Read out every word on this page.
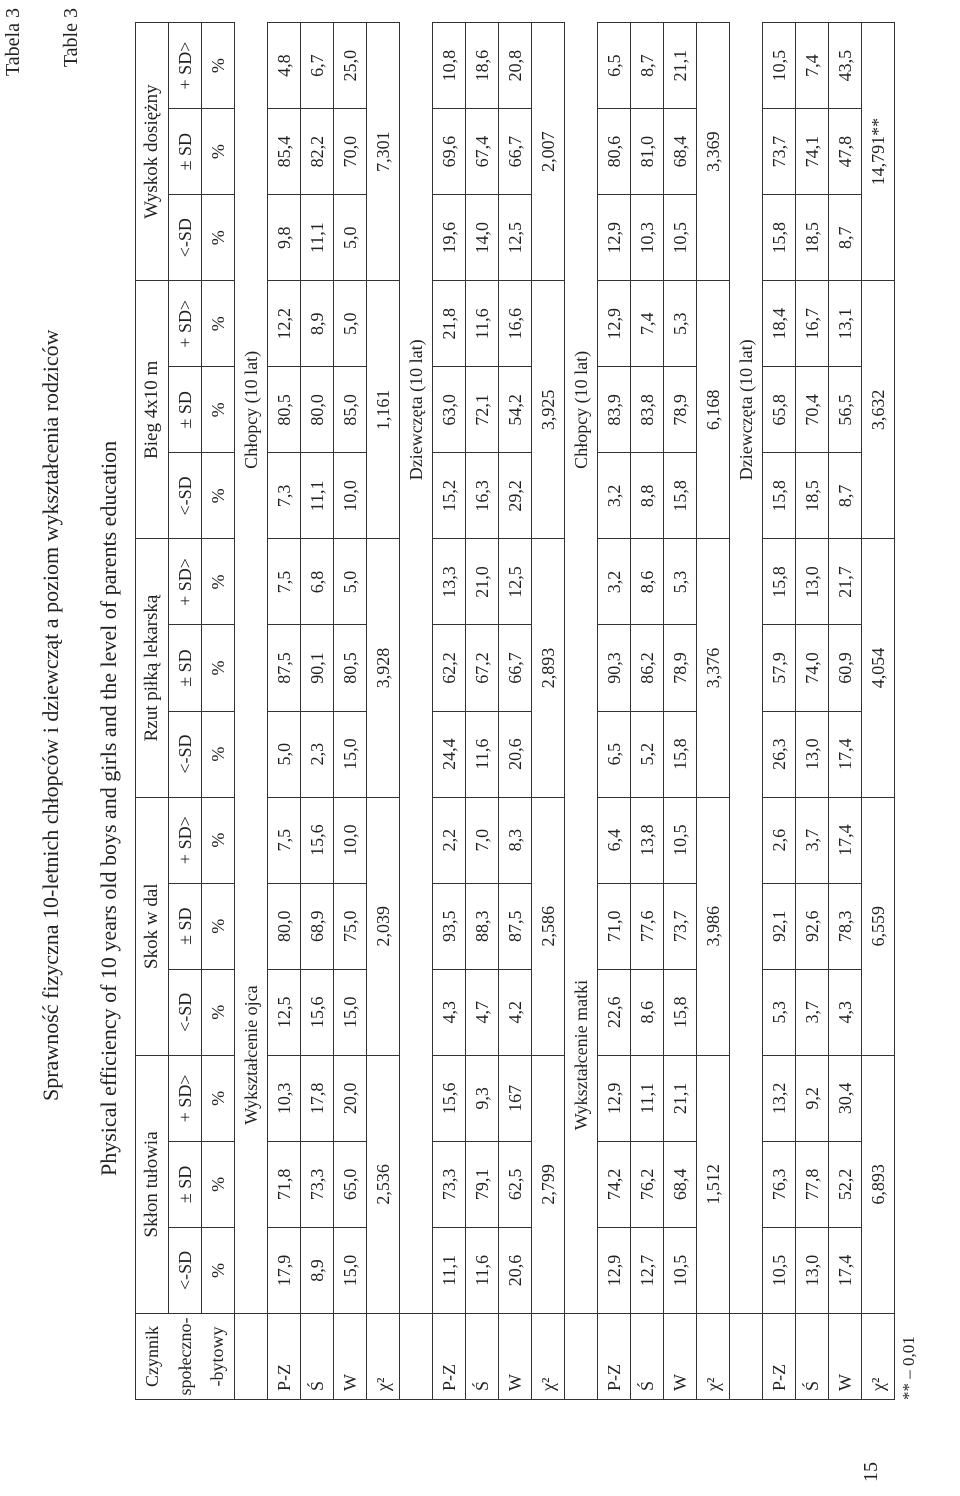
Tabela 3 Table 3
Sprawność fizyczna 10-letnich chłopców i dziewcząt a poziom wykształcenia rodziców Physical efficiency of 10 years old boys and girls and the level of parents education
Czynnik	Skłon tułowia			Skok w dal			Rzut piłką lekarską			Bieg 4x10 m			Wyskok dosiężny		
społeczno-	<-SD	± SD	+ SD>	<-SD	± SD	+ SD>	<-SD	± SD	+ SD>	<-SD	± SD	+ SD>	<-SD	± SD	+ SD>
-bytowy	%	%	%	%	%	%	%	%	%	%	%	%	%	%	%
	Wykształcenie ojca						Chłopcy (10 lat)								
P-Z	17,9	71,8	10,3	12,5	80,0	7,5	5,0	87,5	7,5	7,3	80,5	12,2	9,8	85,4	4,8
Ś	8,9	73,3	17,8	15,6	68,9	15,6	2,3	90,1	6,8	11,1	80,0	8,9	11,1	82,2	6,7
W	15,0	65,0	20,0	15,0	75,0	10,0	15,0	80,5	5,0	10,0	85,0	5,0	5,0	70,0	25,0
χ²	2,536			2,039			3,928			1,161			7,301		
							Dziewczęta (10 lat)								
P-Z	11,1	73,3	15,6	4,3	93,5	2,2	24,4	62,2	13,3	15,2	63,0	21,8	19,6	69,6	10,8
Ś	11,6	79,1	9,3	4,7	88,3	7,0	11,6	67,2	21,0	16,3	72,1	11,6	14,0	67,4	18,6
W	20,6	62,5	167	4,2	87,5	8,3	20,6	66,7	12,5	29,2	54,2	16,6	12,5	66,7	20,8
χ²	2,799			2,586			2,893			3,925			2,007		
	Wykształcenie matki						Chłopcy (10 lat)								
P-Z	12,9	74,2	12,9	22,6	71,0	6,4	6,5	90,3	3,2	3,2	83,9	12,9	12,9	80,6	6,5
Ś	12,7	76,2	11,1	8,6	77,6	13,8	5,2	86,2	8,6	8,8	83,8	7,4	10,3	81,0	8,7
W	10,5	68,4	21,1	15,8	73,7	10,5	15,8	78,9	5,3	15,8	78,9	5,3	10,5	68,4	21,1
χ²	1,512			3,986			3,376			6,168			3,369		
							Dziewczęta (10 lat)								
P-Z	10,5	76,3	13,2	5,3	92,1	2,6	26,3	57,9	15,8	15,8	65,8	18,4	15,8	73,7	10,5
Ś	13,0	77,8	9,2	3,7	92,6	3,7	13,0	74,0	13,0	18,5	70,4	16,7	18,5	74,1	7,4
W	17,4	52,2	30,4	4,3	78,3	17,4	17,4	60,9	21,7	8,7	56,5	13,1	8,7	47,8	43,5
χ²	6,893			6,559			4,054			3,632			14,791**		
** – 0,01
15
